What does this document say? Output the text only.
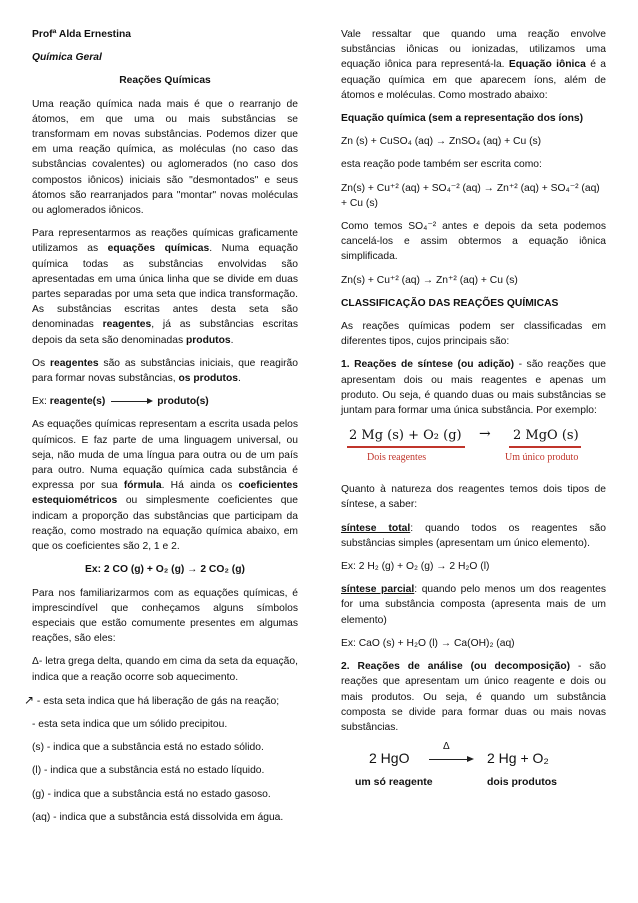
Profª Alda Ernestina

Química Geral

Reações Químicas

Uma reação química nada mais é que o rearranjo de átomos, em que uma ou mais substâncias se transformam em novas substâncias. Podemos dizer que em uma reação química, as moléculas (no caso das substâncias covalentes) ou aglomerados (no caso dos compostos iônicos) iniciais são "desmontados" e seus átomos são rearranjados para "montar" novas moléculas ou aglomerados iônicos.

Para representarmos as reações químicas graficamente utilizamos as equações químicas. Numa equação química todas as substâncias envolvidas são apresentadas em uma única linha que se divide em duas partes separadas por uma seta que indica transformação. As substâncias escritas antes desta seta são denominadas reagentes, já as substâncias escritas depois da seta são denominadas produtos.

Os reagentes são as substâncias iniciais, que reagirão para formar novas substâncias, os produtos.

Ex: reagente(s)	produto(s)

As equações químicas representam a escrita usada pelos químicos. E faz parte de uma linguagem universal, ou seja, não muda de uma língua para outra ou de um país para outro. Numa equação química cada substância é expressa por sua fórmula. Há ainda os coeficientes estequiométricos ou simplesmente coeficientes que indicam a proporção das substâncias que participam da reação, como mostrado na equação química abaixo, em que os coeficientes são 2, 1 e 2.

Ex: 2 CO (g) + O₂ (g) → 2 CO₂ (g)

Para nos familiarizarmos com as equações químicas, é imprescindível que conheçamos alguns símbolos especiais que estão comumente presentes em algumas reações, são eles:

Δ- letra grega delta, quando em cima da seta da equação, indica que a reação ocorre sob aquecimento.

↗ - esta seta indica que há liberação de gás na reação;

- esta seta indica que um sólido precipitou.

(s) - indica que a substância está no estado sólido.

(l) - indica que a substância está no estado líquido.

(g) - indica que a substância está no estado gasoso.

(aq) - indica que a substância está dissolvida em água.

Vale ressaltar que quando uma reação envolve substâncias iônicas ou ionizadas, utilizamos uma equação iônica para representá-la. Equação iônica é a equação química em que aparecem íons, além de átomos e moléculas. Como mostrado abaixo:

Equação química (sem a representação dos íons)

Zn (s) + CuSO₄ (aq) → ZnSO₄ (aq) + Cu (s)

esta reação pode também ser escrita como:

Zn(s) + Cu⁺² (aq) + SO₄⁻² (aq) → Zn⁺² (aq) + SO₄⁻² (aq) + Cu (s)

Como temos SO₄⁻² antes e depois da seta podemos cancelá-los e assim obtermos a equação iônica simplificada.

Zn(s) + Cu⁺² (aq) → Zn⁺² (aq) + Cu (s)

CLASSIFICAÇÃO DAS REAÇÕES QUÍMICAS

As reações químicas podem ser classificadas em diferentes tipos, cujos principais são:

1. Reações de síntese (ou adição) - são reações que apresentam dois ou mais reagentes e apenas um produto. Ou seja, é quando duas ou mais substâncias se juntam para formar uma única substância. Por exemplo:

2 Mg (s) + O₂ (g) → 2 MgO (s)
Dois reagentes	Um único produto

Quanto à natureza dos reagentes temos dois tipos de síntese, a saber:

síntese total: quando todos os reagentes são substâncias simples (apresentam um único elemento).

Ex: 2 H₂ (g) + O₂ (g) → 2 H₂O (l)

síntese parcial: quando pelo menos um dos reagentes for uma substância composta (apresenta mais de um elemento)

Ex: CaO (s) + H₂O (l) → Ca(OH)₂ (aq)

2. Reações de análise (ou decomposição) - são reações que apresentam um único reagente e dois ou mais produtos. Ou seja, é quando um substância composta se divide para formar duas ou mais novas substâncias.

2 HgO
Δ
2 Hg + O₂
um só reagente	dois produtos
